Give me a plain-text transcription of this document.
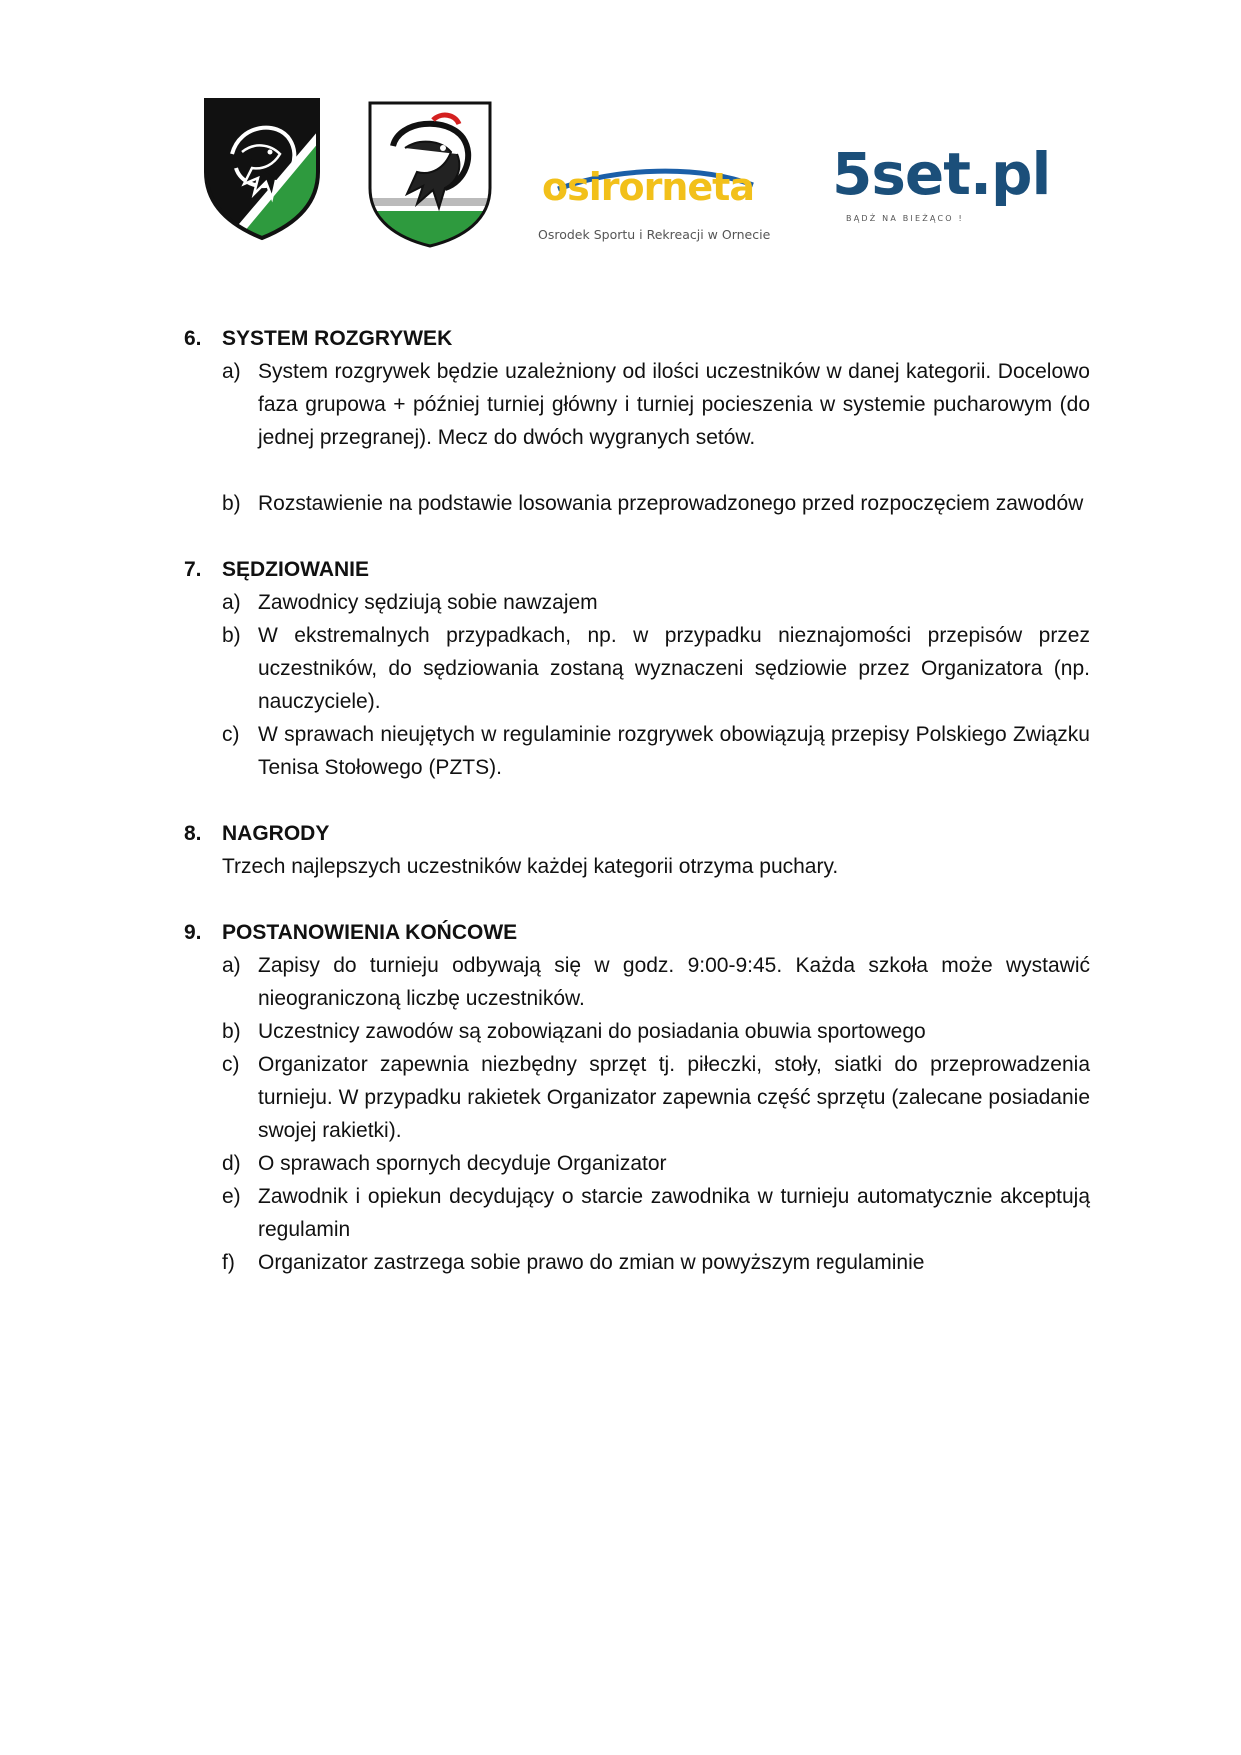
osirorneta
Osrodek Sportu i Rekreacji w Ornecie
5set.pl
BĄDŹ NA BIEŻĄCO !
6. SYSTEM ROZGRYWEK
a) System rozgrywek będzie uzależniony od ilości uczestników w danej kategorii. Docelowo faza grupowa + później turniej główny i turniej pocieszenia w systemie pucharowym (do jednej przegranej). Mecz do dwóch wygranych setów.
b) Rozstawienie na podstawie losowania przeprowadzonego przed rozpoczęciem zawodów
7. SĘDZIOWANIE
a) Zawodnicy sędziują sobie nawzajem
b) W ekstremalnych przypadkach, np. w przypadku nieznajomości przepisów przez uczestników, do sędziowania zostaną wyznaczeni sędziowie przez Organizatora (np. nauczyciele).
c) W sprawach nieujętych w regulaminie rozgrywek obowiązują przepisy Polskiego Związku Tenisa Stołowego (PZTS).
8. NAGRODY
Trzech najlepszych uczestników każdej kategorii otrzyma puchary.
9. POSTANOWIENIA KOŃCOWE
a) Zapisy do turnieju odbywają się w godz. 9:00-9:45. Każda szkoła może wystawić nieograniczoną liczbę uczestników.
b) Uczestnicy zawodów są zobowiązani do posiadania obuwia sportowego
c) Organizator zapewnia niezbędny sprzęt tj. piłeczki, stoły, siatki do przeprowadzenia turnieju. W przypadku rakietek Organizator zapewnia część sprzętu (zalecane posiadanie swojej rakietki).
d) O sprawach spornych decyduje Organizator
e) Zawodnik i opiekun decydujący o starcie zawodnika w turnieju automatycznie akceptują regulamin
f)	Organizator zastrzega sobie prawo do zmian w powyższym regulaminie
